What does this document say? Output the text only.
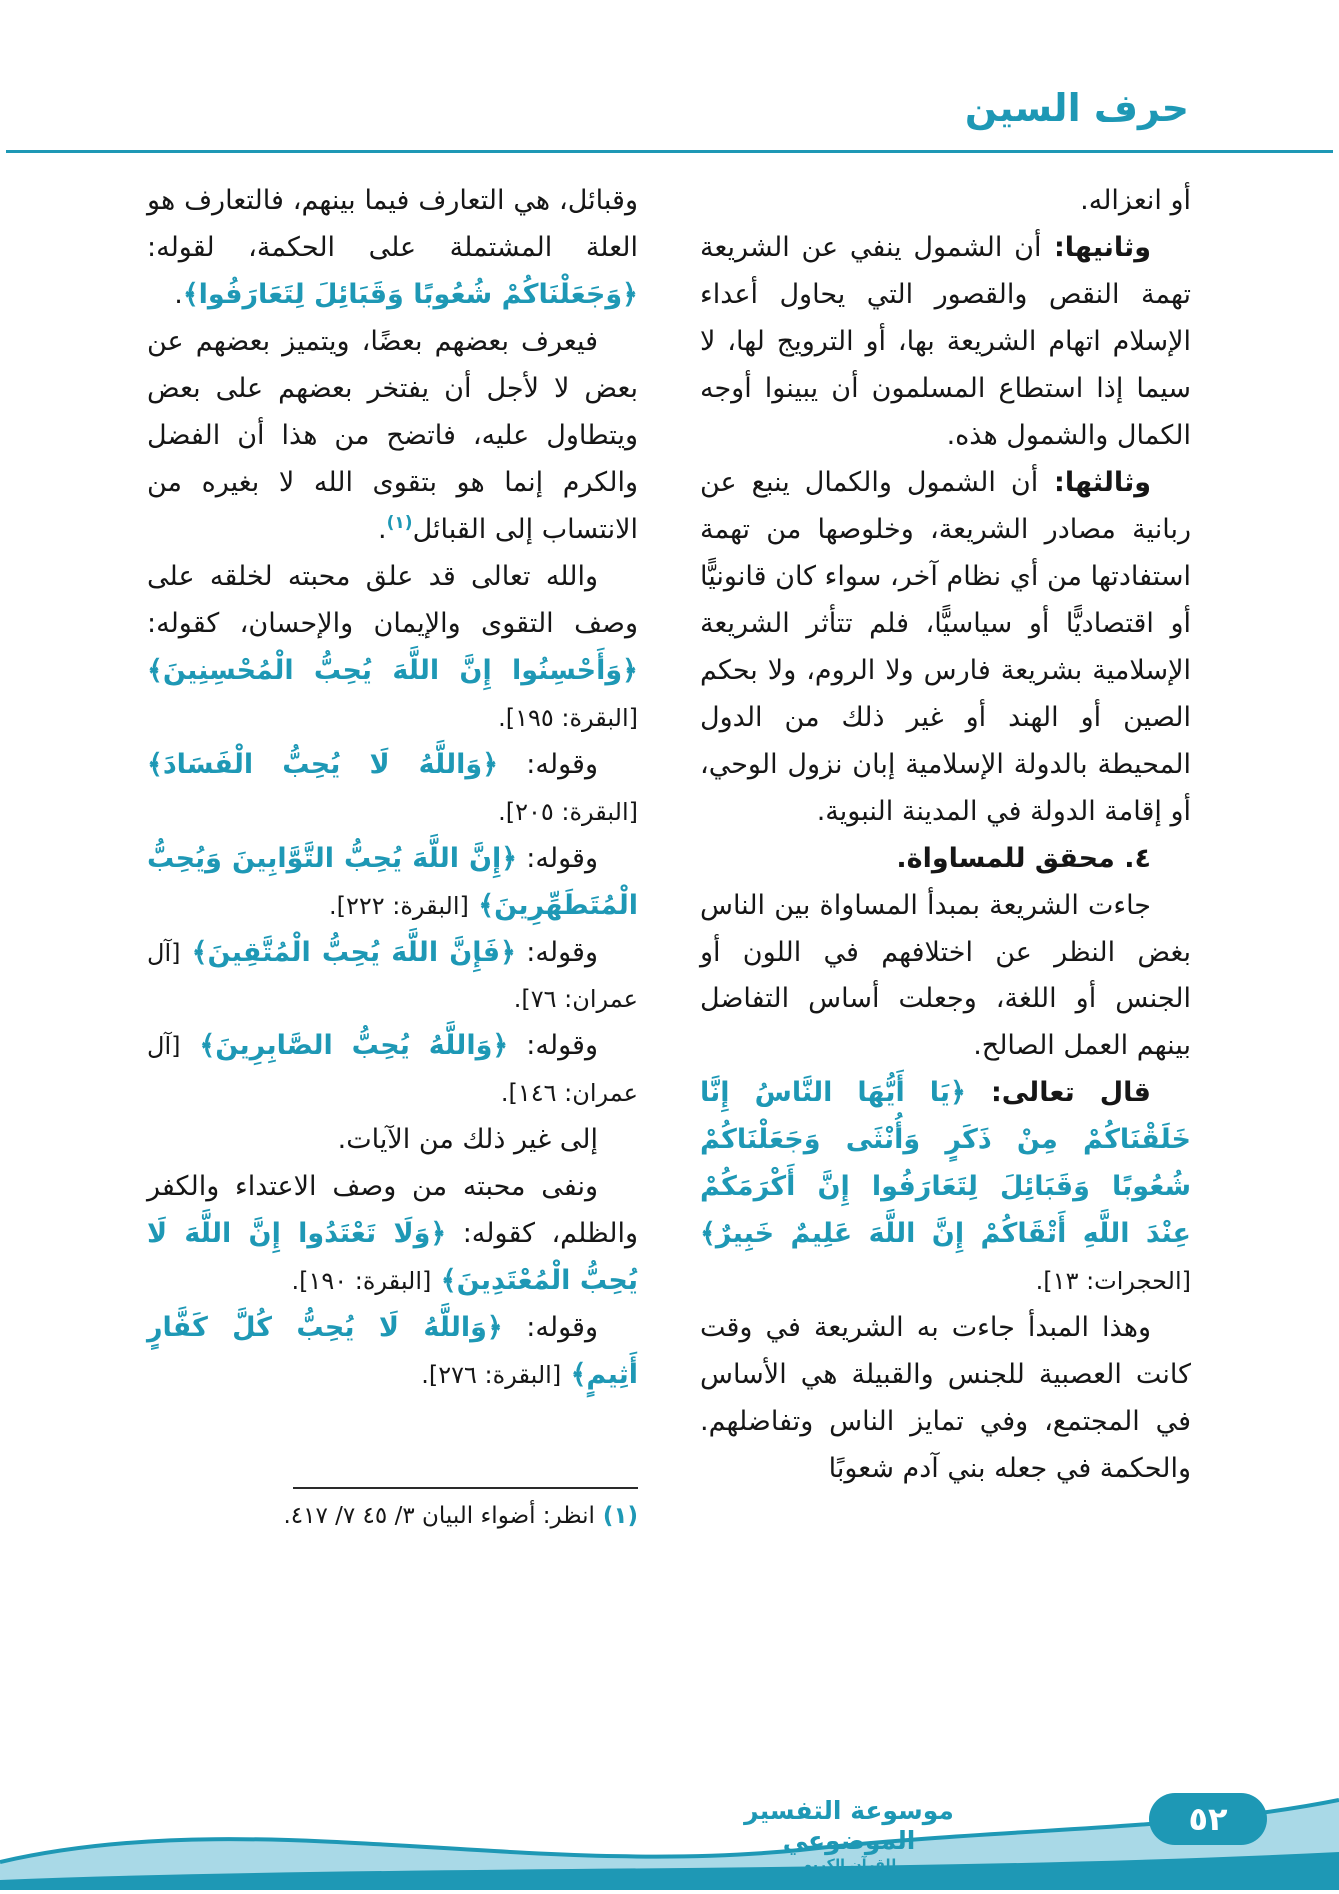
حرف السين

أو انعزاله.

وثانيها: أن الشمول ينفي عن الشريعة تهمة النقص والقصور التي يحاول أعداء الإسلام اتهام الشريعة بها، أو الترويج لها، لا سيما إذا استطاع المسلمون أن يبينوا أوجه الكمال والشمول هذه.

وثالثها: أن الشمول والكمال ينبع عن ربانية مصادر الشريعة، وخلوصها من تهمة استفادتها من أي نظام آخر، سواء كان قانونيًّا أو اقتصاديًّا أو سياسيًّا، فلم تتأثر الشريعة الإسلامية بشريعة فارس ولا الروم، ولا بحكم الصين أو الهند أو غير ذلك من الدول المحيطة بالدولة الإسلامية إبان نزول الوحي، أو إقامة الدولة في المدينة النبوية.

٤. محقق للمساواة.

جاءت الشريعة بمبدأ المساواة بين الناس بغض النظر عن اختلافهم في اللون أو الجنس أو اللغة، وجعلت أساس التفاضل بينهم العمل الصالح.

قال تعالى: ﴿يَا أَيُّهَا النَّاسُ إِنَّا خَلَقْنَاكُمْ مِنْ ذَكَرٍ وَأُنْثَى وَجَعَلْنَاكُمْ شُعُوبًا وَقَبَائِلَ لِتَعَارَفُوا إِنَّ أَكْرَمَكُمْ عِنْدَ اللَّهِ أَتْقَاكُمْ إِنَّ اللَّهَ عَلِيمٌ خَبِيرٌ﴾ [الحجرات: ١٣].

وهذا المبدأ جاءت به الشريعة في وقت كانت العصبية للجنس والقبيلة هي الأساس في المجتمع، وفي تمايز الناس وتفاضلهم. والحكمة في جعله بني آدم شعوبًا

وقبائل، هي التعارف فيما بينهم، فالتعارف هو العلة المشتملة على الحكمة، لقوله: ﴿وَجَعَلْنَاكُمْ شُعُوبًا وَقَبَائِلَ لِتَعَارَفُوا﴾.

فيعرف بعضهم بعضًا، ويتميز بعضهم عن بعض لا لأجل أن يفتخر بعضهم على بعض ويتطاول عليه، فاتضح من هذا أن الفضل والكرم إنما هو بتقوى الله لا بغيره من الانتساب إلى القبائل$^{(١)}$.

والله تعالى قد علق محبته لخلقه على وصف التقوى والإيمان والإحسان، كقوله: ﴿وَأَحْسِنُوا إِنَّ اللَّهَ يُحِبُّ الْمُحْسِنِينَ﴾ [البقرة: ١٩٥].

وقوله: ﴿وَاللَّهُ لَا يُحِبُّ الْفَسَادَ﴾ [البقرة: ٢٠٥].

وقوله: ﴿إِنَّ اللَّهَ يُحِبُّ التَّوَّابِينَ وَيُحِبُّ الْمُتَطَهِّرِينَ﴾ [البقرة: ٢٢٢].

وقوله: ﴿فَإِنَّ اللَّهَ يُحِبُّ الْمُتَّقِينَ﴾ [آل عمران: ٧٦].

وقوله: ﴿وَاللَّهُ يُحِبُّ الصَّابِرِينَ﴾ [آل عمران: ١٤٦].

إلى غير ذلك من الآيات.

ونفى محبته من وصف الاعتداء والكفر والظلم، كقوله: ﴿وَلَا تَعْتَدُوا إِنَّ اللَّهَ لَا يُحِبُّ الْمُعْتَدِينَ﴾ [البقرة: ١٩٠].

وقوله: ﴿وَاللَّهُ لَا يُحِبُّ كُلَّ كَفَّارٍ أَثِيمٍ﴾ [البقرة: ٢٧٦].

(١) انظر: أضواء البيان ٣/ ٤٥ ٧/ ٤١٧.
موسوعة التفسير الموضوعي
للقرآن الكريم
٥٢
